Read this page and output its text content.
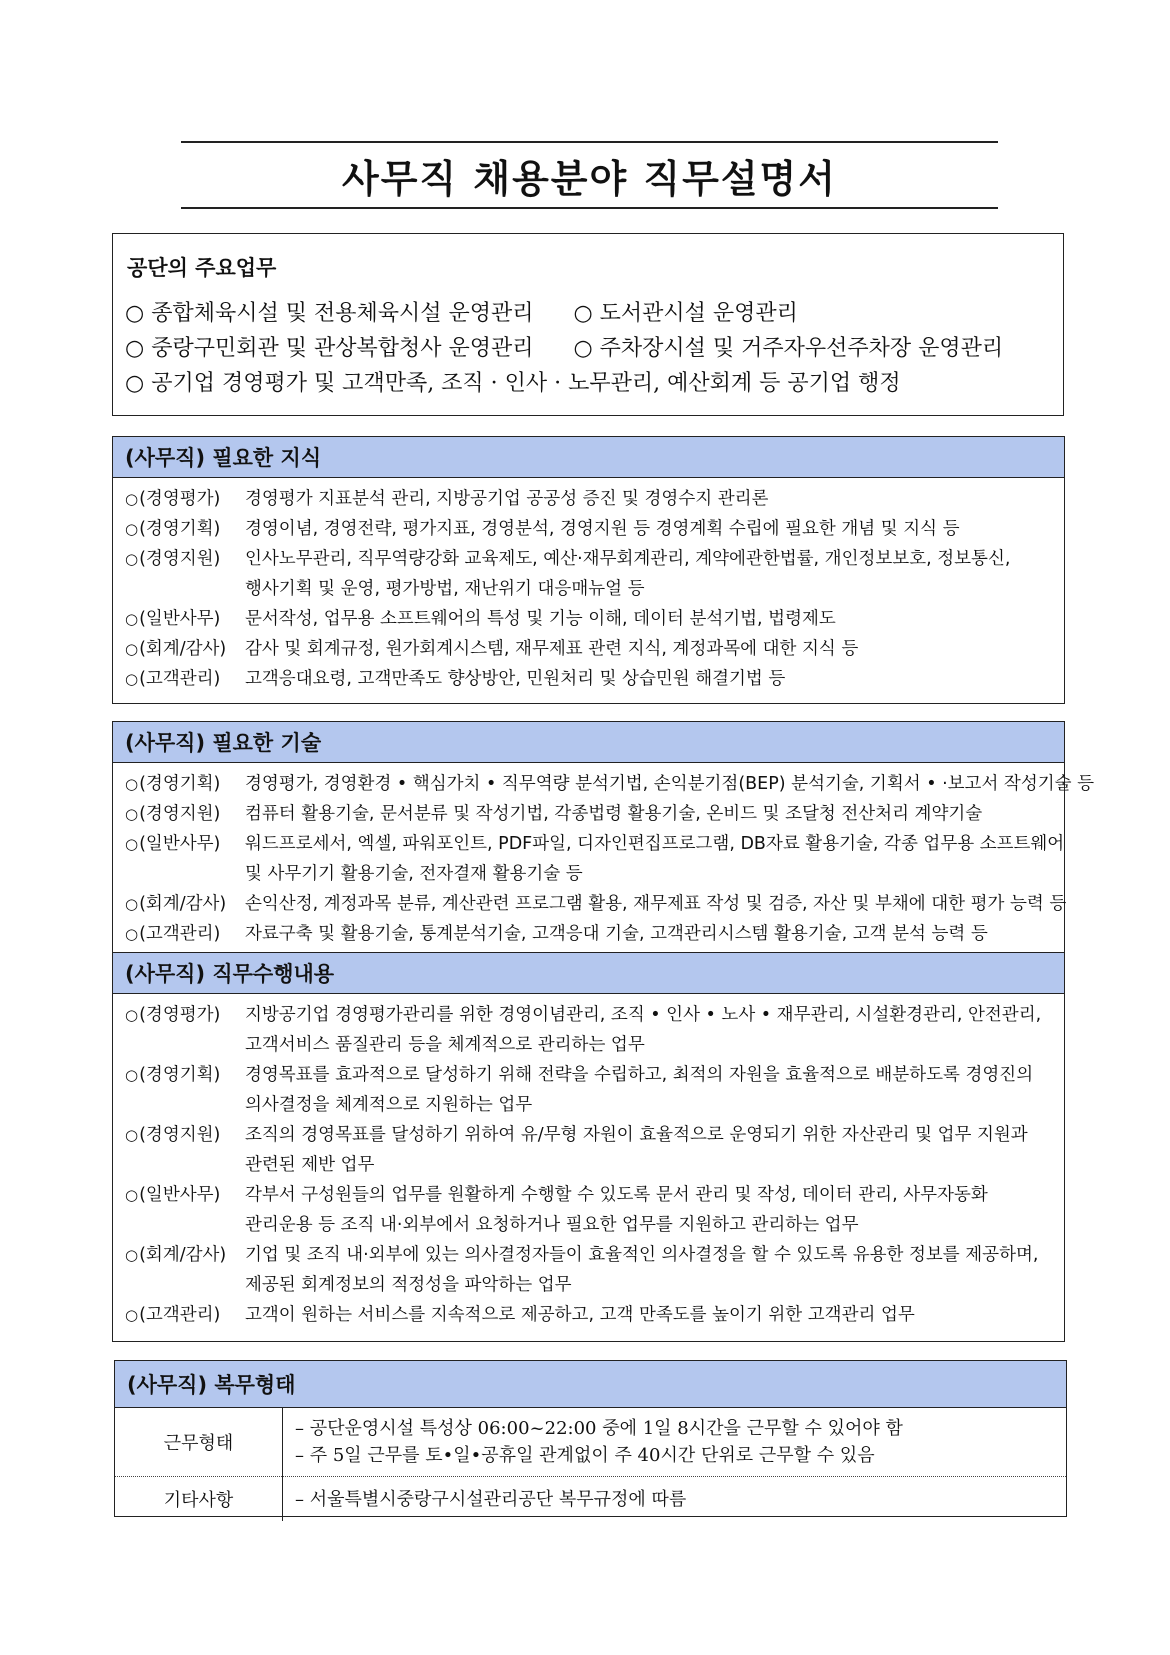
사무직 채용분야 직무설명서
공단의 주요업무
○ 종합체육시설 및 전용체육시설 운영관리 ○ 도서관시설 운영관리
○ 중랑구민회관 및 관상복합청사 운영관리 ○ 주차장시설 및 거주자우선주차장 운영관리
○ 공기업 경영평가 및 고객만족, 조직 · 인사 · 노무관리, 예산회계 등 공기업 행정
(사무직) 필요한 지식
○(경영평가)	경영평가 지표분석 관리, 지방공기업 공공성 증진 및 경영수지 관리론
○(경영기획)	경영이념, 경영전략, 평가지표, 경영분석, 경영지원 등 경영계획 수립에 필요한 개념 및 지식 등
○(경영지원)	인사노무관리, 직무역량강화 교육제도, 예산·재무회계관리, 계약에관한법률, 개인정보보호, 정보통신,
행사기획 및 운영, 평가방법, 재난위기 대응매뉴얼 등
○(일반사무)	문서작성, 업무용 소프트웨어의 특성 및 기능 이해, 데이터 분석기법, 법령제도
○(회계/감사)	감사 및 회계규정, 원가회계시스템, 재무제표 관련 지식, 계정과목에 대한 지식 등
○(고객관리)	고객응대요령, 고객만족도 향상방안, 민원처리 및 상습민원 해결기법 등
(사무직) 필요한 기술
○(경영기획)	경영평가, 경영환경 • 핵심가치 • 직무역량 분석기법, 손익분기점(BEP) 분석기술, 기획서 • ·보고서 작성기술 등
○(경영지원)	컴퓨터 활용기술, 문서분류 및 작성기법, 각종법령 활용기술, 온비드 및 조달청 전산처리 계약기술
○(일반사무)	워드프로세서, 엑셀, 파워포인트, PDF파일, 디자인편집프로그램, DB자료 활용기술, 각종 업무용 소프트웨어
및 사무기기 활용기술, 전자결재 활용기술 등
○(회계/감사)	손익산정, 계정과목 분류, 계산관련 프로그램 활용, 재무제표 작성 및 검증, 자산 및 부채에 대한 평가 능력 등
○(고객관리)	자료구축 및 활용기술, 통계분석기술, 고객응대 기술, 고객관리시스템 활용기술, 고객 분석 능력 등
(사무직) 직무수행내용
○(경영평가)	지방공기업 경영평가관리를 위한 경영이념관리, 조직 • 인사 • 노사 • 재무관리, 시설환경관리, 안전관리,
고객서비스 품질관리 등을 체계적으로 관리하는 업무
○(경영기획)	경영목표를 효과적으로 달성하기 위해 전략을 수립하고, 최적의 자원을 효율적으로 배분하도록 경영진의
의사결정을 체계적으로 지원하는 업무
○(경영지원)	조직의 경영목표를 달성하기 위하여 유/무형 자원이 효율적으로 운영되기 위한 자산관리 및 업무 지원과
관련된 제반 업무
○(일반사무)	각부서 구성원들의 업무를 원활하게 수행할 수 있도록 문서 관리 및 작성, 데이터 관리, 사무자동화
관리운용 등 조직 내·외부에서 요청하거나 필요한 업무를 지원하고 관리하는 업무
○(회계/감사)	기업 및 조직 내·외부에 있는 의사결정자들이 효율적인 의사결정을 할 수 있도록 유용한 정보를 제공하며,
제공된 회계정보의 적정성을 파악하는 업무
○(고객관리)	고객이 원하는 서비스를 지속적으로 제공하고, 고객 만족도를 높이기 위한 고객관리 업무
(사무직) 복무형태
근무형태	– 공단운영시설 특성상 06:00~22:00 중에 1일 8시간을 근무할 수 있어야 함
– 주 5일 근무를 토•일•공휴일 관계없이 주 40시간 단위로 근무할 수 있음

기타사항	– 서울특별시중랑구시설관리공단 복무규정에 따름
